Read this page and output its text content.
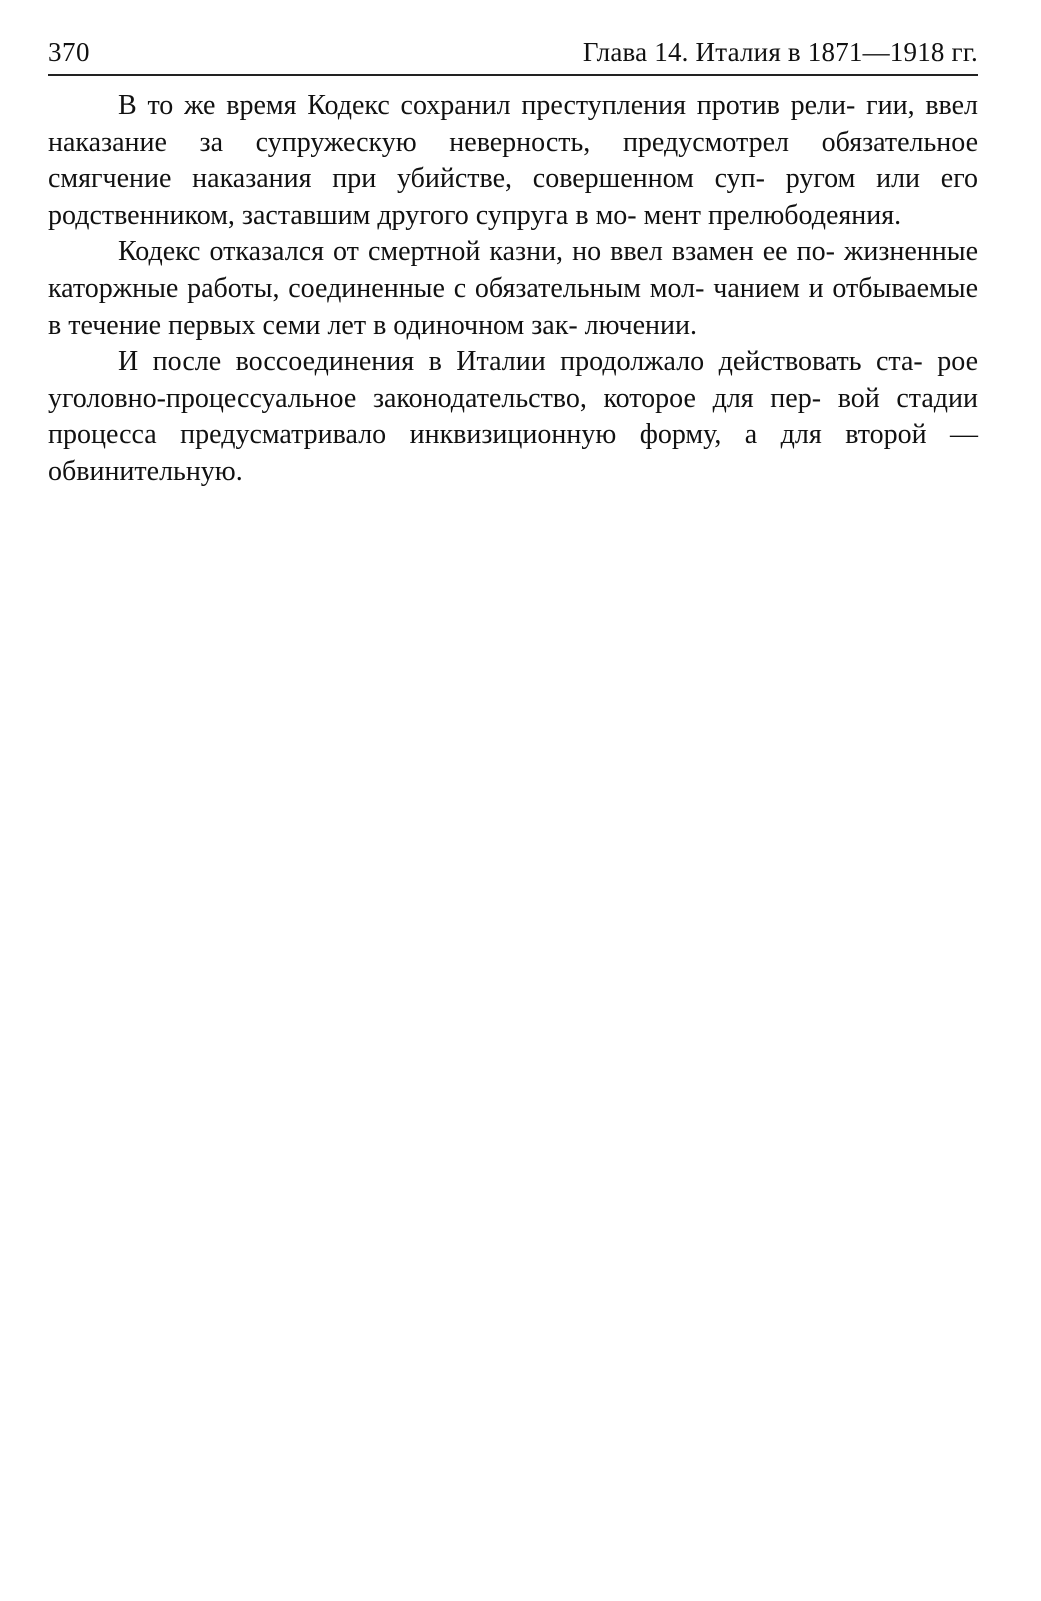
370	Глава 14. Италия в 1871—1918 гг.

В то же время Кодекс сохранил преступления против рели- гии, ввел наказание за супружескую неверность, предусмотрел обязательное смягчение наказания при убийстве, совершенном суп- ругом или его родственником, заставшим другого супруга в мо- мент прелюбодеяния.

Кодекс отказался от смертной казни, но ввел взамен ее по- жизненные каторжные работы, соединенные с обязательным мол- чанием и отбываемые в течение первых семи лет в одиночном зак- лючении.

И после воссоединения в Италии продолжало действовать ста- рое уголовно-процессуальное законодательство, которое для пер- вой стадии процесса предусматривало инквизиционную форму, а для второй — обвинительную.
